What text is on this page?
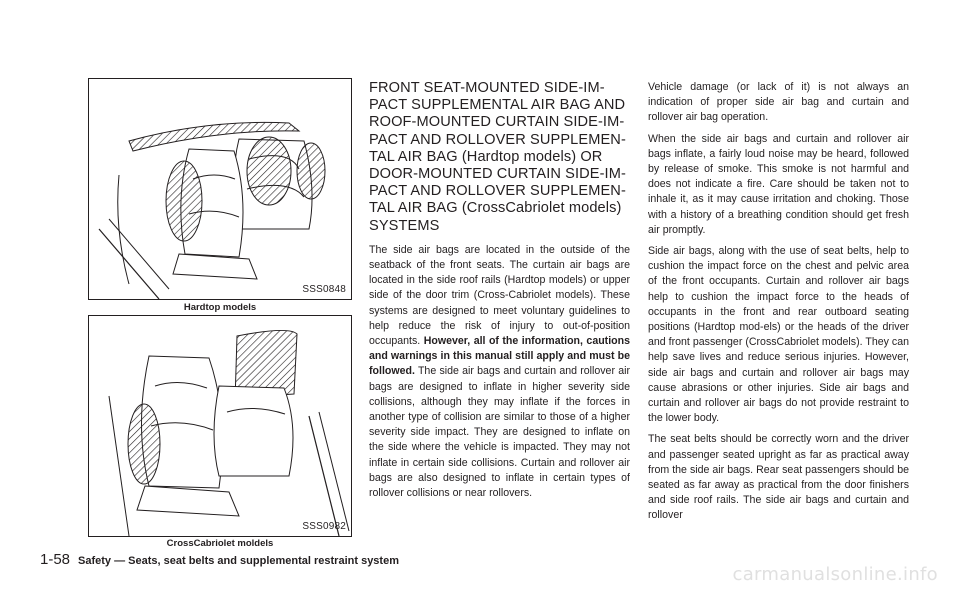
SSS0848
Hardtop models
SSS0982
CrossCabriolet moldels
FRONT SEAT-MOUNTED SIDE-IM-PACT SUPPLEMENTAL AIR BAG AND ROOF-MOUNTED CURTAIN SIDE-IM-PACT AND ROLLOVER SUPPLEMEN-TAL AIR BAG (Hardtop models) OR DOOR-MOUNTED CURTAIN SIDE-IM-PACT AND ROLLOVER SUPPLEMEN-TAL AIR BAG (CrossCabriolet models) SYSTEMS

The side air bags are located in the outside of the seatback of the front seats. The curtain air bags are located in the side roof rails (Hardtop models) or upper side of the door trim (Cross-Cabriolet models). These systems are designed to meet voluntary guidelines to help reduce the risk of injury to out-of-position occupants. However, all of the information, cautions and warnings in this manual still apply and must be followed. The side air bags and curtain and rollover air bags are designed to inflate in higher severity side collisions, although they may inflate if the forces in another type of collision are similar to those of a higher severity side impact. They are designed to inflate on the side where the vehicle is impacted. They may not inflate in certain side collisions. Curtain and rollover air bags are also designed to inflate in certain types of rollover collisions or near rollovers.

Vehicle damage (or lack of it) is not always an indication of proper side air bag and curtain and rollover air bag operation.

When the side air bags and curtain and rollover air bags inflate, a fairly loud noise may be heard, followed by release of smoke. This smoke is not harmful and does not indicate a fire. Care should be taken not to inhale it, as it may cause irritation and choking. Those with a history of a breathing condition should get fresh air promptly.

Side air bags, along with the use of seat belts, help to cushion the impact force on the chest and pelvic area of the front occupants. Curtain and rollover air bags help to cushion the impact force to the heads of occupants in the front and rear outboard seating positions (Hardtop mod-els) or the heads of the driver and front passenger (CrossCabriolet models). They can help save lives and reduce serious injuries. However, side air bags and curtain and rollover air bags may cause abrasions or other injuries. Side air bags and curtain and rollover air bags do not provide restraint to the lower body.

The seat belts should be correctly worn and the driver and passenger seated upright as far as practical away from the side air bags. Rear seat passengers should be seated as far away as practical from the door finishers and side roof rails. The side air bags and curtain and rollover

1-58 Safety — Seats, seat belts and supplemental restraint system
carmanualsonline.info
